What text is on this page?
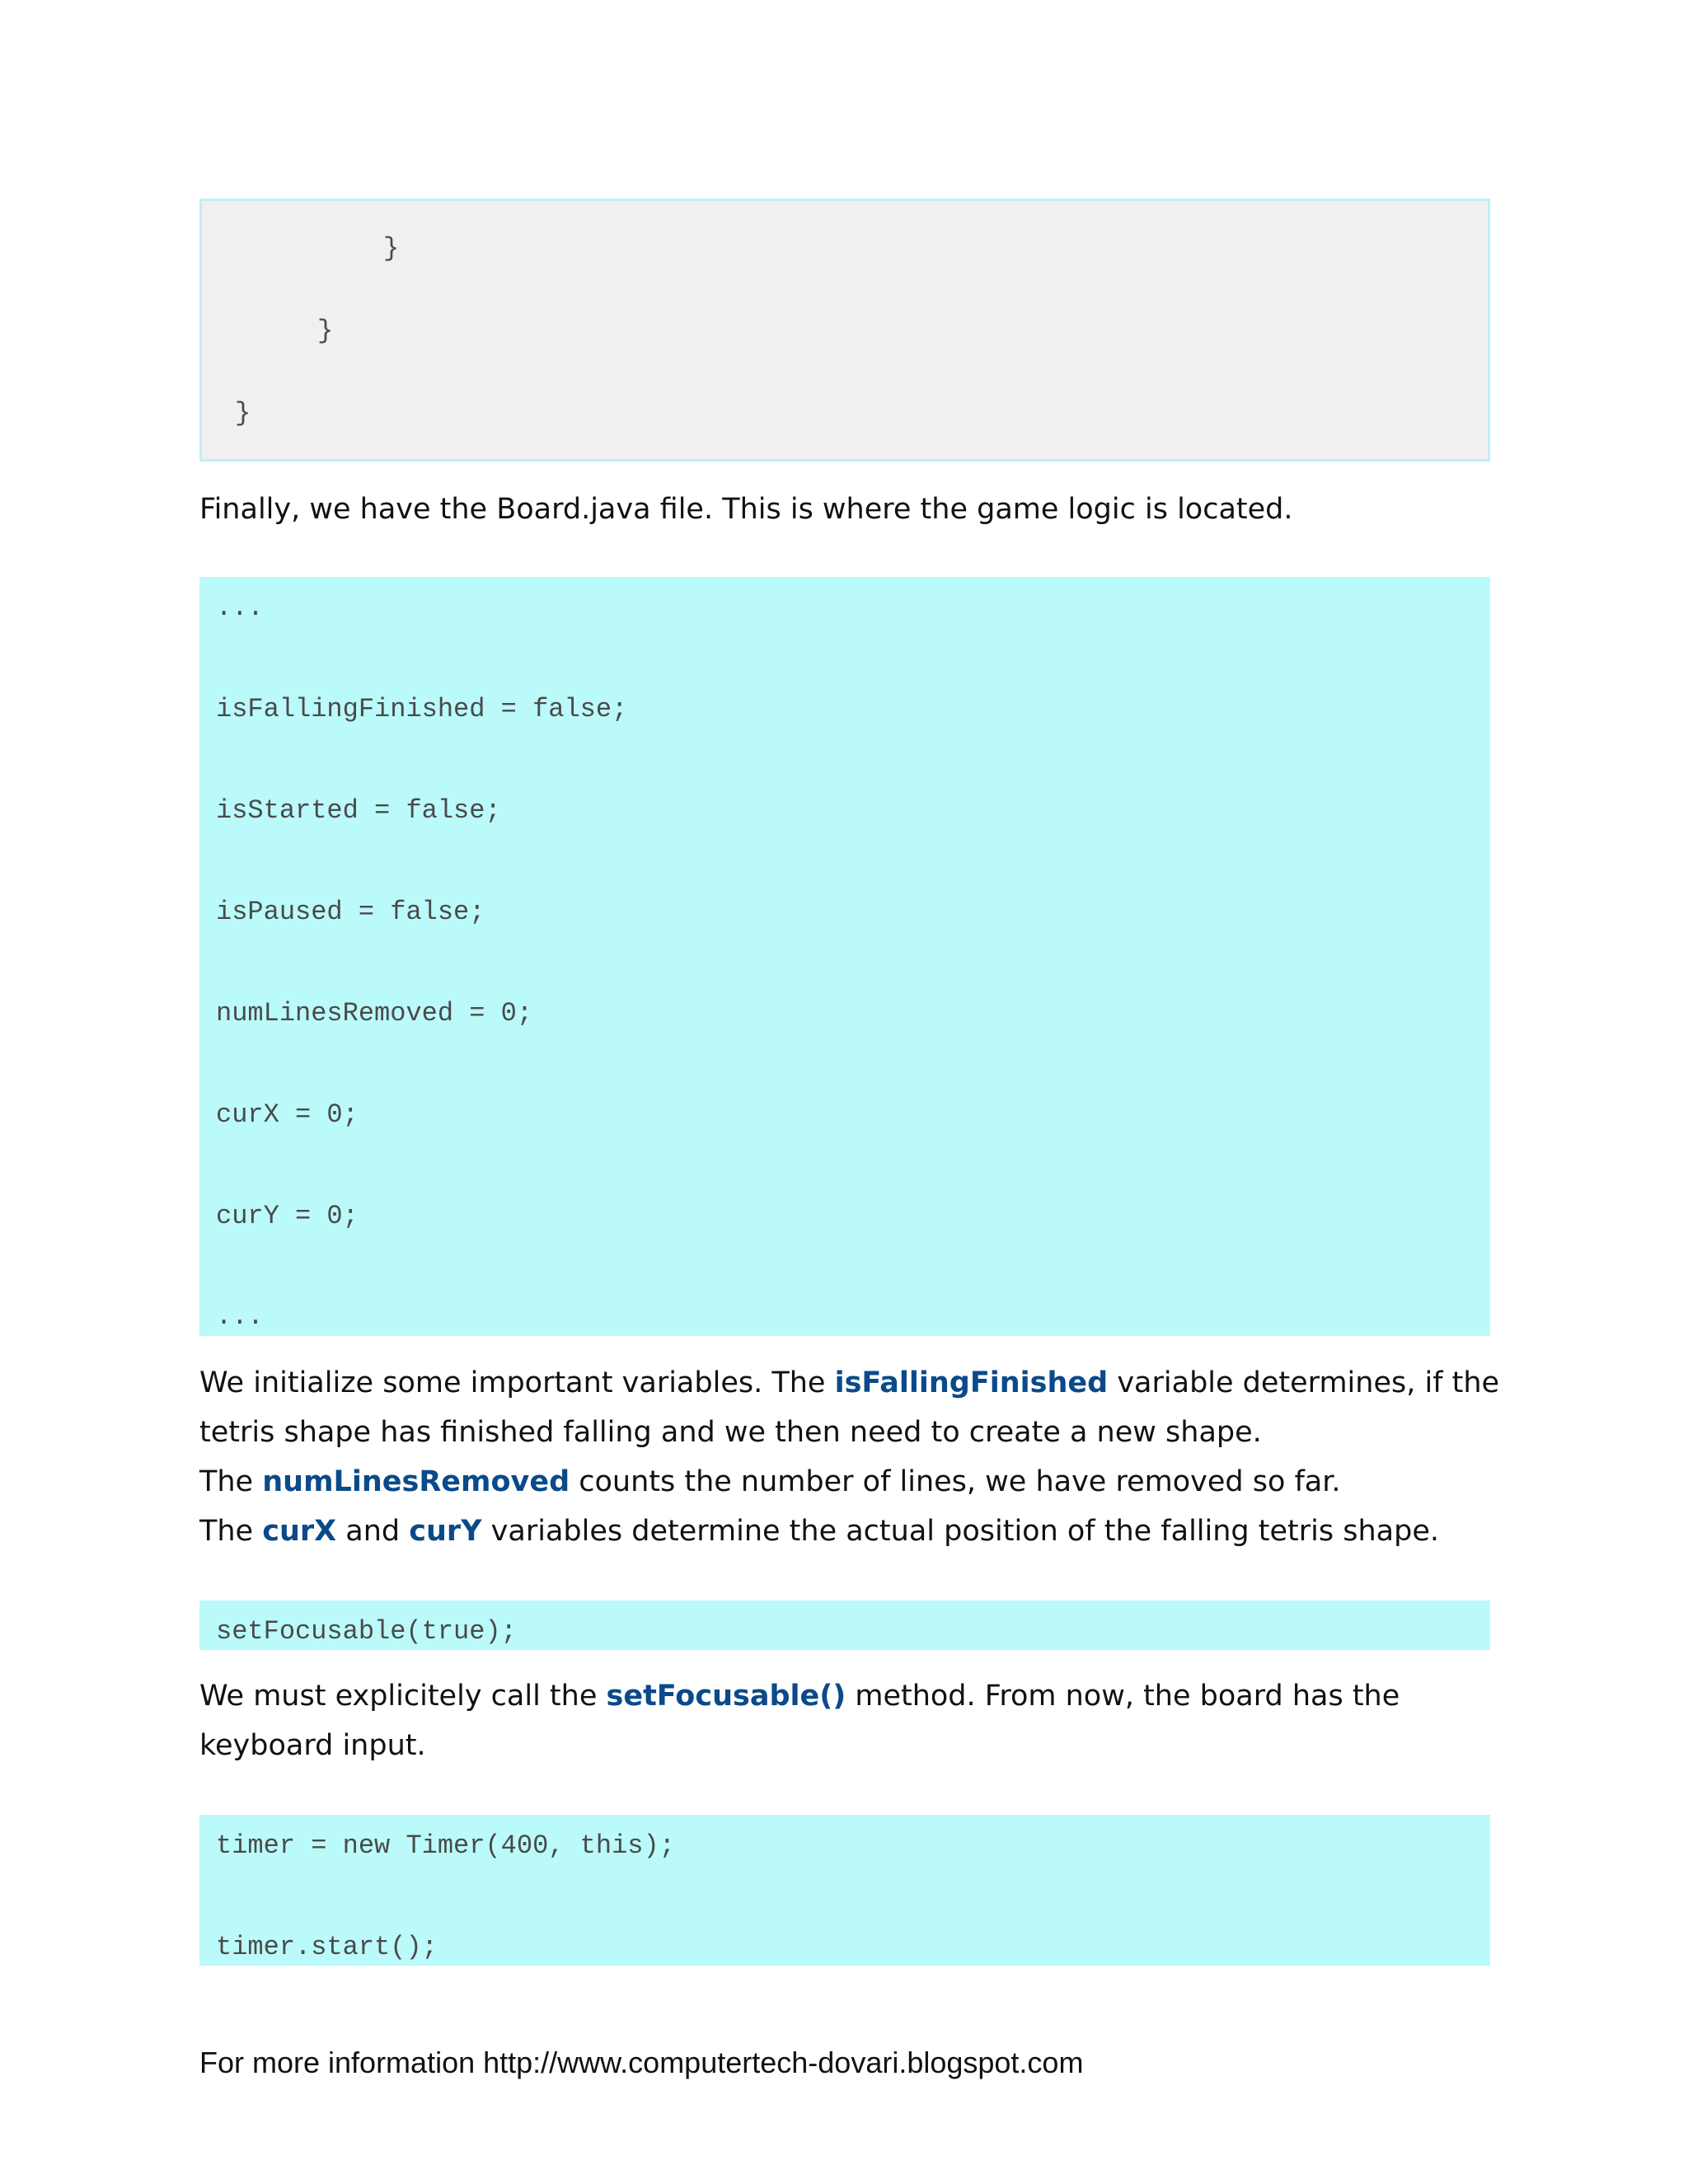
}

}

}

Finally, we have the Board.java file. This is where the game logic is located.

...

isFallingFinished = false;

isStarted = false;

isPaused = false;

numLinesRemoved = 0;

curX = 0;

curY = 0;

...

We initialize some important variables. The isFallingFinished variable determines, if the
tetris shape has finished falling and we then need to create a new shape.
The numLinesRemoved counts the number of lines, we have removed so far.
The curX and curY variables determine the actual position of the falling tetris shape.

setFocusable(true);

We must explicitely call the setFocusable() method. From now, the board has the
keyboard input.

timer = new Timer(400, this);

timer.start();

For more information http://www.computertech-dovari.blogspot.com
